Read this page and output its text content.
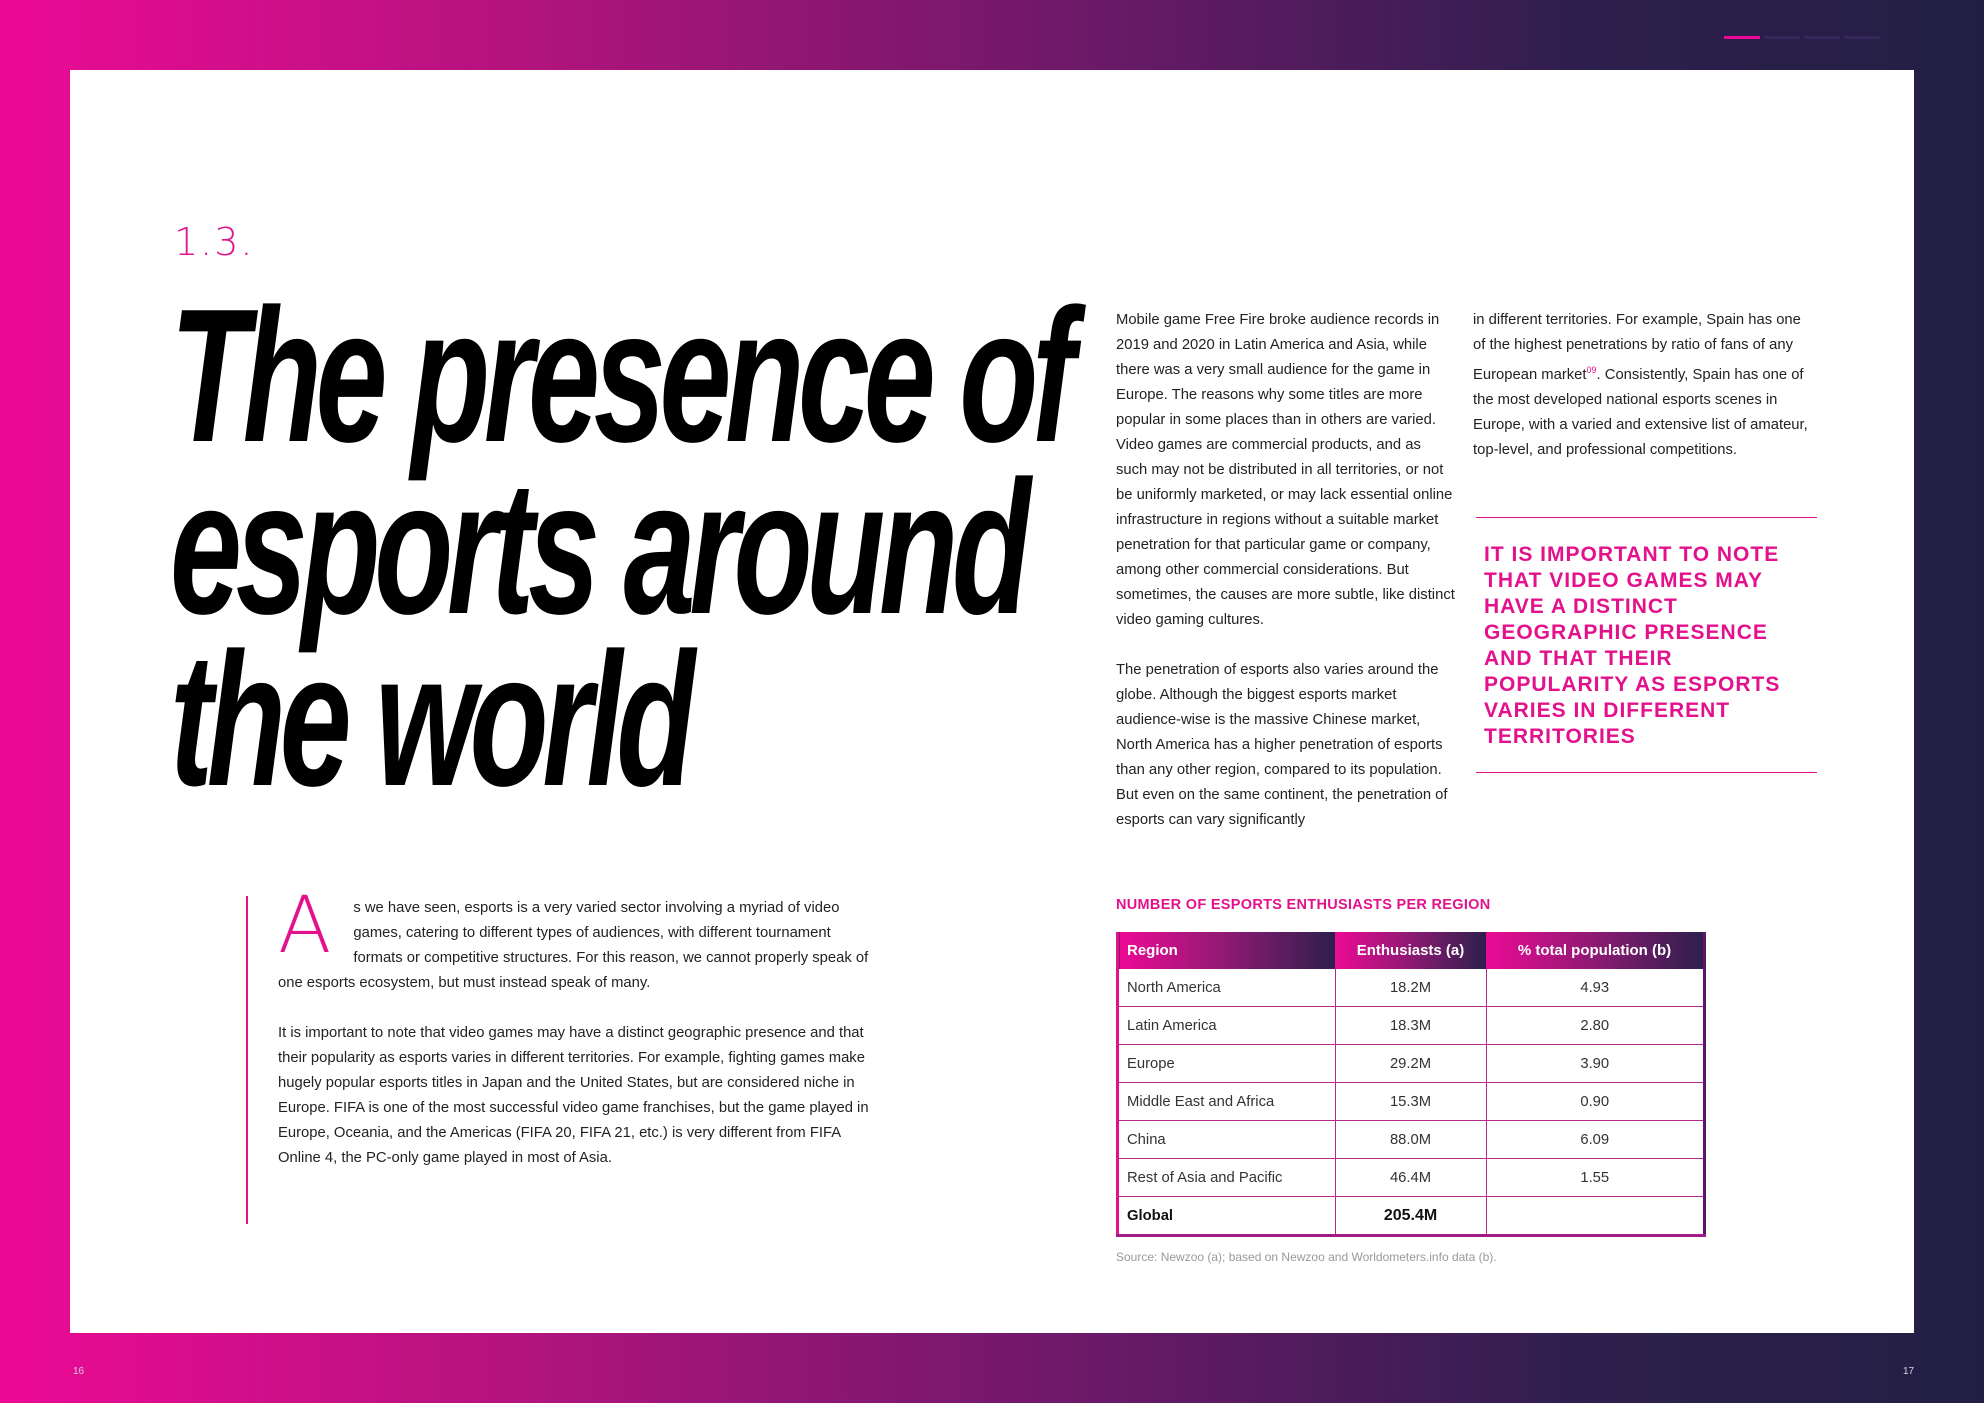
1.3.
The presence of
esports around
the world

A s we have seen, esports is a very varied sector involving a myriad of video games, catering to different types of audiences, with different tournament formats or competitive structures. For this reason, we cannot properly speak of one esports ecosystem, but must instead speak of many.

It is important to note that video games may have a distinct geographic presence and that their popularity as esports varies in different territories. For example, fighting games make hugely popular esports titles in Japan and the United States, but are considered niche in Europe. FIFA is one of the most successful video game franchises, but the game played in Europe, Oceania, and the Americas (FIFA 20, FIFA 21, etc.) is very different from FIFA Online 4, the PC-only game played in most of Asia.

Mobile game Free Fire broke audience records in 2019 and 2020 in Latin America and Asia, while there was a very small audience for the game in Europe. The reasons why some titles are more popular in some places than in others are varied. Video games are commercial products, and as such may not be distributed in all territories, or not be uniformly marketed, or may lack essential online infrastructure in regions without a suitable market penetration for that particular game or company, among other commercial considerations. But sometimes, the causes are more subtle, like distinct video gaming cultures.

The penetration of esports also varies around the globe. Although the biggest esports market audience-wise is the massive Chinese market, North America has a higher penetration of esports than any other region, compared to its population. But even on the same continent, the penetration of esports can vary significantly

in different territories. For example, Spain has one of the highest penetrations by ratio of fans of any European market$^{09}$. Consistently, Spain has one of the most developed national esports scenes in Europe, with a varied and extensive list of amateur, top-level, and professional competitions.

IT IS IMPORTANT TO NOTE THAT VIDEO GAMES MAY HAVE A DISTINCT GEOGRAPHIC PRESENCE AND THAT THEIR POPULARITY AS ESPORTS VARIES IN DIFFERENT TERRITORIES
NUMBER OF ESPORTS ENTHUSIASTS PER REGION
Region	Enthusiasts (a)	% total population (b)
North America	18.2M	4.93
Latin America	18.3M	2.80
Europe	29.2M	3.90
Middle East and Africa	15.3M	0.90
China	88.0M	6.09
Rest of Asia and Pacific	46.4M	1.55
Global	205.4M	
Source: Newzoo (a); based on Newzoo and Worldometers.info data (b).
16	17
